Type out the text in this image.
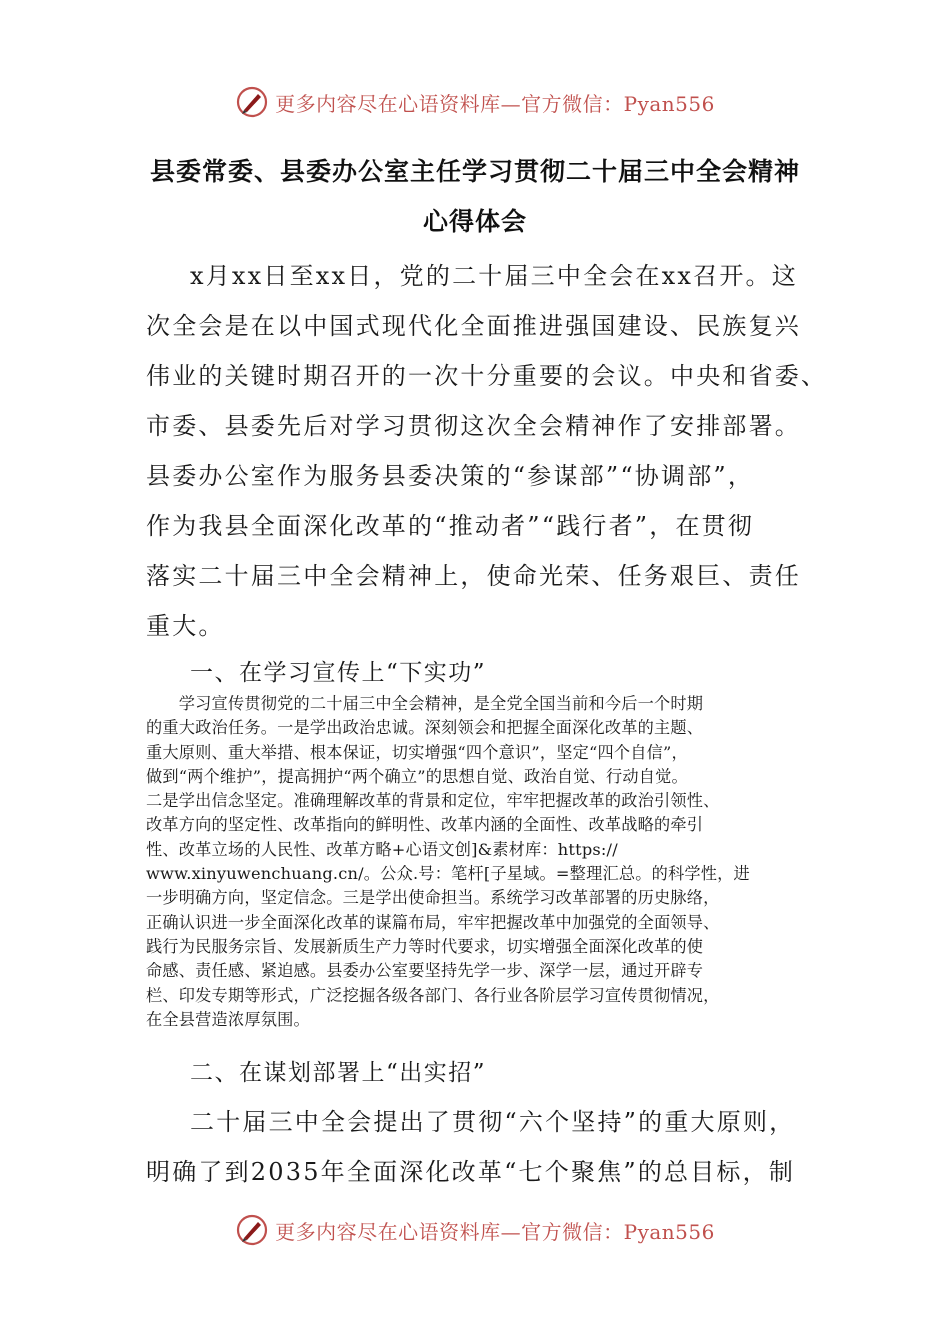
更多内容尽在心语资料库—官方微信：Pyan556
县委常委、县委办公室主任学习贯彻二十届三中全会精神
心得体会
x月xx日至xx日，党的二十届三中全会在xx召开。这
次全会是在以中国式现代化全面推进强国建设、民族复兴
伟业的关键时期召开的一次十分重要的会议。中央和省委、
市委、县委先后对学习贯彻这次全会精神作了安排部署。
县委办公室作为服务县委决策的“参谋部”“协调部”，
作为我县全面深化改革的“推动者”“践行者”，在贯彻
落实二十届三中全会精神上，使命光荣、任务艰巨、责任
重大。
一、在学习宣传上“下实功”
　　学习宣传贯彻党的二十届三中全会精神，是全党全国当前和今后一个时期
的重大政治任务。一是学出政治忠诚。深刻领会和把握全面深化改革的主题、
重大原则、重大举措、根本保证，切实增强“四个意识”，坚定“四个自信”，
做到“两个维护”，提高拥护“两个确立”的思想自觉、政治自觉、行动自觉。
二是学出信念坚定。准确理解改革的背景和定位，牢牢把握改革的政治引领性、
改革方向的坚定性、改革指向的鲜明性、改革内涵的全面性、改革战略的牵引
性、改革立场的人民性、改革方略+心语文创]&素材库：https://
www.xinyuwenchuang.cn/。公众.号：笔杆[子星域。=整理汇总。的科学性，进
一步明确方向，坚定信念。三是学出使命担当。系统学习改革部署的历史脉络，
正确认识进一步全面深化改革的谋篇布局，牢牢把握改革中加强党的全面领导、
践行为民服务宗旨、发展新质生产力等时代要求，切实增强全面深化改革的使
命感、责任感、紧迫感。县委办公室要坚持先学一步、深学一层，通过开辟专
栏、印发专期等形式，广泛挖掘各级各部门、各行业各阶层学习宣传贯彻情况，
在全县营造浓厚氛围。
二、在谋划部署上“出实招”
二十届三中全会提出了贯彻“六个坚持”的重大原则，
明确了到2035年全面深化改革“七个聚焦”的总目标，制
更多内容尽在心语资料库—官方微信：Pyan556
